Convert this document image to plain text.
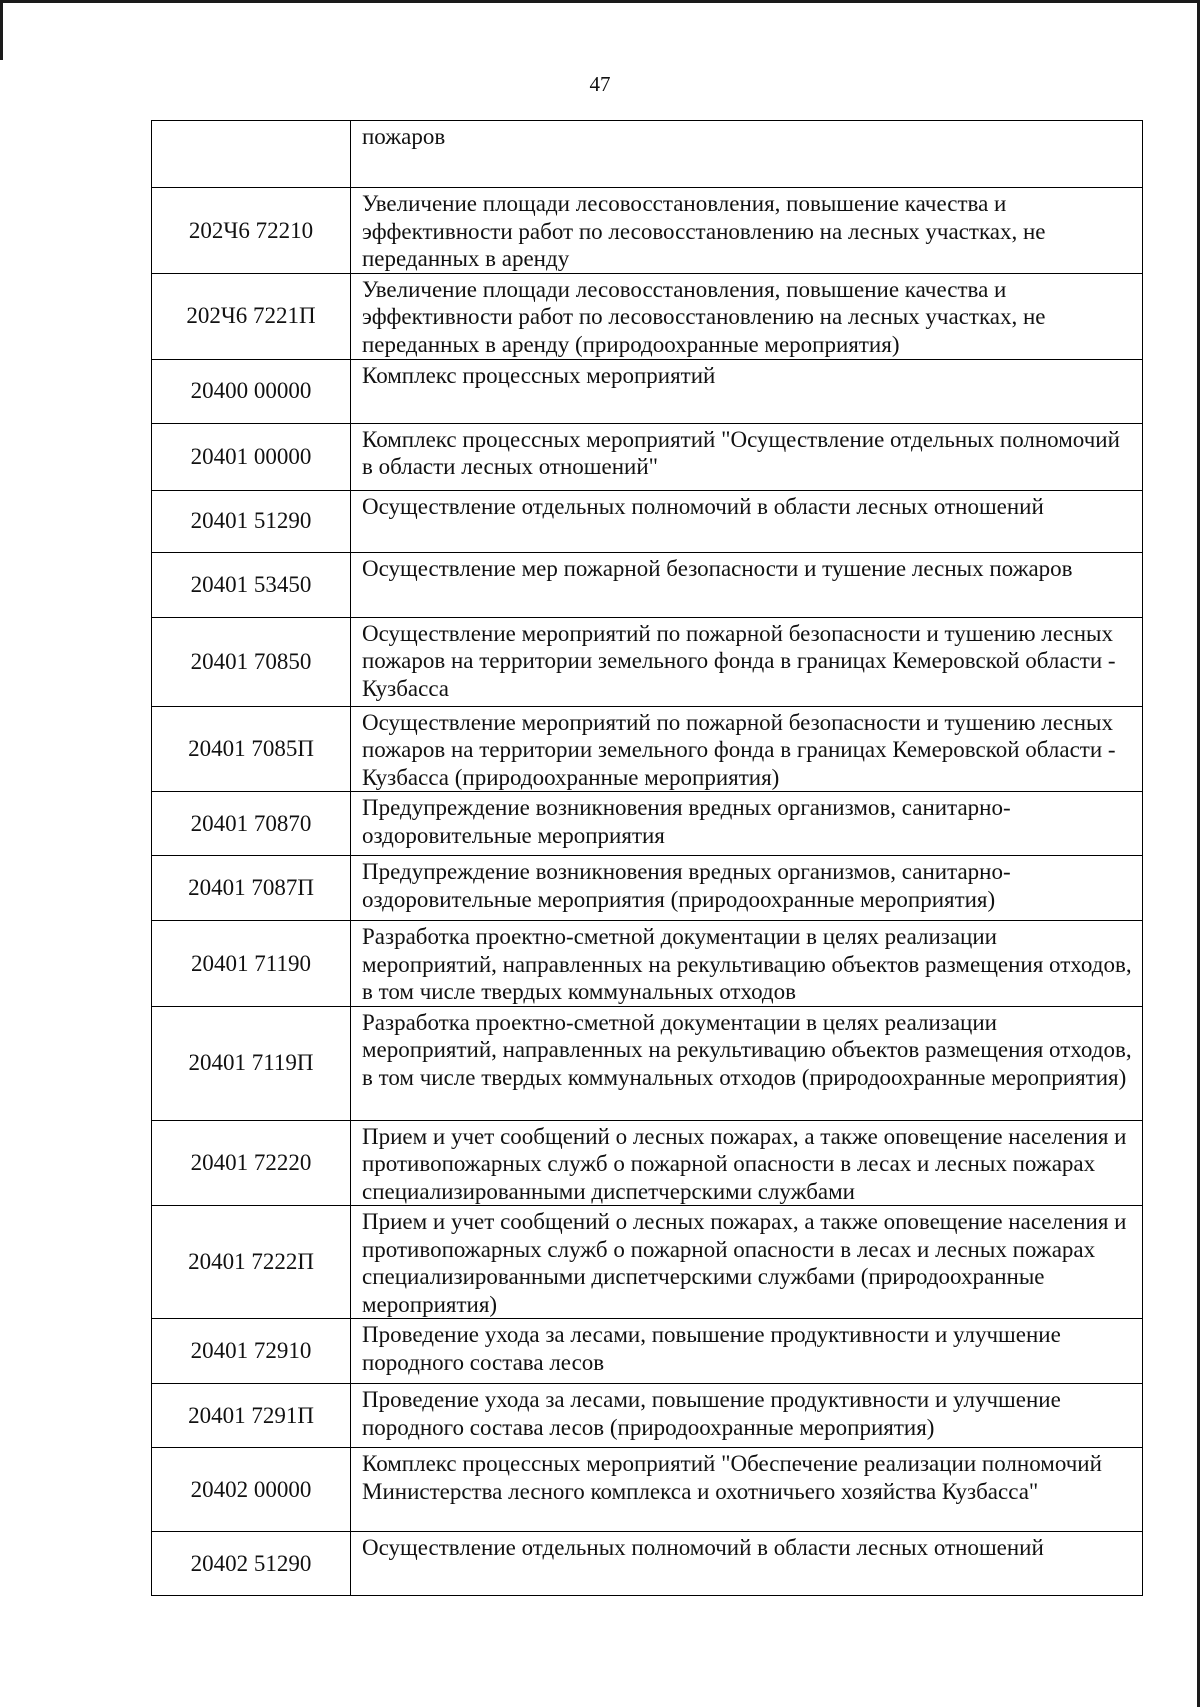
47
	пожаров
202Ч6 72210	Увеличение площади лесовосстановления, повышение качества и эффективности работ по лесовосстановлению на лесных участках, не переданных в аренду
202Ч6 7221П	Увеличение площади лесовосстановления, повышение качества и эффективности работ по лесовосстановлению на лесных участках, не переданных в аренду (природоохранные мероприятия)
20400 00000	Комплекс процессных мероприятий
20401 00000	Комплекс процессных мероприятий "Осуществление отдельных полномочий в области лесных отношений"
20401 51290	Осуществление отдельных полномочий в области лесных отношений
20401 53450	Осуществление мер пожарной безопасности и тушение лесных пожаров
20401 70850	Осуществление мероприятий по пожарной безопасности и тушению лесных пожаров на территории земельного фонда в границах Кемеровской области - Кузбасса
20401 7085П	Осуществление мероприятий по пожарной безопасности и тушению лесных пожаров на территории земельного фонда в границах Кемеровской области - Кузбасса (природоохранные мероприятия)
20401 70870	Предупреждение возникновения вредных организмов, санитарно-оздоровительные мероприятия
20401 7087П	Предупреждение возникновения вредных организмов, санитарно-оздоровительные мероприятия (природоохранные мероприятия)
20401 71190	Разработка проектно-сметной документации в целях реализации мероприятий, направленных на рекультивацию объектов размещения отходов, в том числе твердых коммунальных отходов
20401 7119П	Разработка проектно-сметной документации в целях реализации мероприятий, направленных на рекультивацию объектов размещения отходов, в том числе твердых коммунальных отходов (природоохранные мероприятия)
20401 72220	Прием и учет сообщений о лесных пожарах, а также оповещение населения и противопожарных служб о пожарной опасности в лесах и лесных пожарах специализированными диспетчерскими службами
20401 7222П	Прием и учет сообщений о лесных пожарах, а также оповещение населения и противопожарных служб о пожарной опасности в лесах и лесных пожарах специализированными диспетчерскими службами (природоохранные мероприятия)
20401 72910	Проведение ухода за лесами, повышение продуктивности и улучшение породного состава лесов
20401 7291П	Проведение ухода за лесами, повышение продуктивности и улучшение породного состава лесов (природоохранные мероприятия)
20402 00000	Комплекс процессных мероприятий "Обеспечение реализации полномочий Министерства лесного комплекса и охотничьего хозяйства Кузбасса"
20402 51290	Осуществление отдельных полномочий в области лесных отношений
